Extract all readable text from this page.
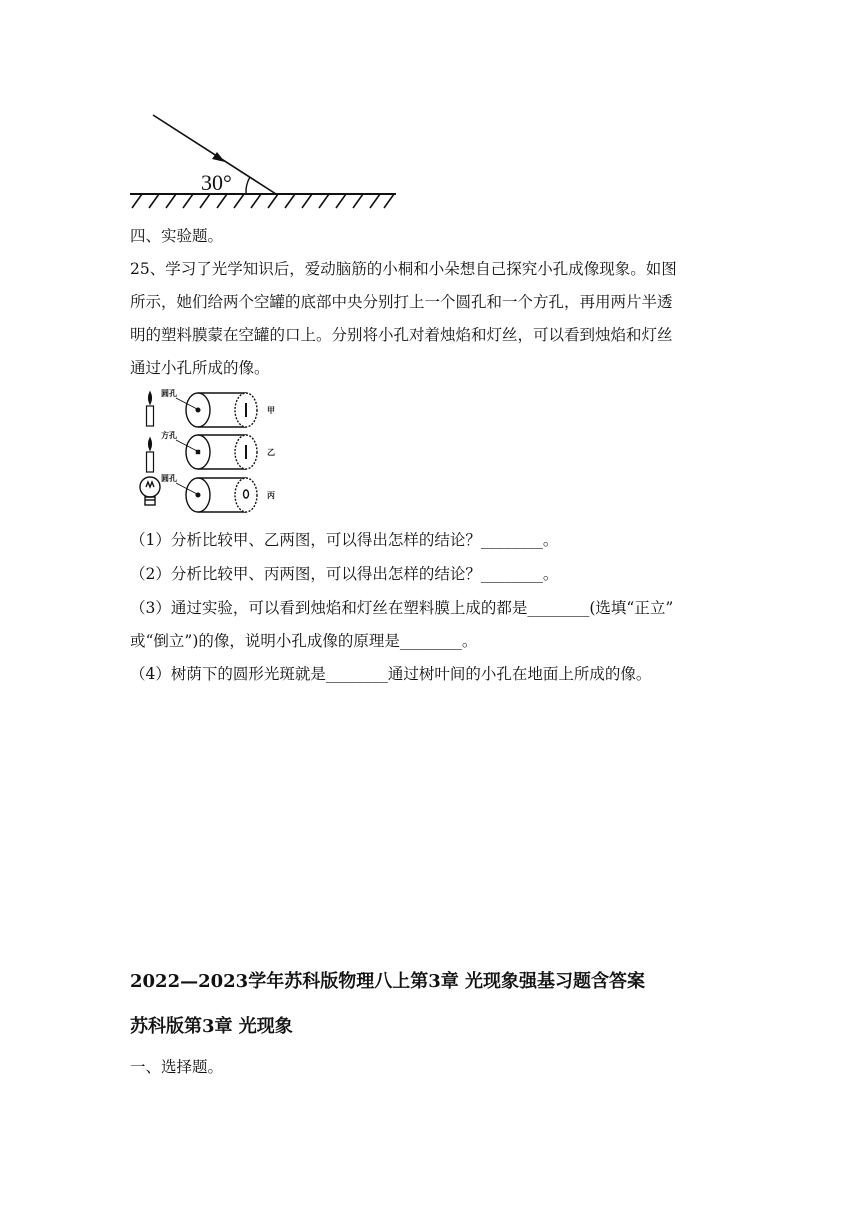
30°
四、实验题。
25、学习了光学知识后，爱动脑筋的小桐和小朵想自己探究小孔成像现象。如图
所示，她们给两个空罐的底部中央分别打上一个圆孔和一个方孔，再用两片半透
明的塑料膜蒙在空罐的口上。分别将小孔对着烛焰和灯丝，可以看到烛焰和灯丝
通过小孔所成的像。
圆孔
方孔
圆孔
甲
乙
丙
（1）分析比较甲、乙两图，可以得出怎样的结论？________。
（2）分析比较甲、丙两图，可以得出怎样的结论？________。
（3）通过实验，可以看到烛焰和灯丝在塑料膜上成的都是________(选填“正立”
或“倒立”)的像，说明小孔成像的原理是________。
（4）树荫下的圆形光斑就是________通过树叶间的小孔在地面上所成的像。
2022—2023学年苏科版物理八上第3章 光现象强基习题含答案
苏科版第3章 光现象
一、选择题。
